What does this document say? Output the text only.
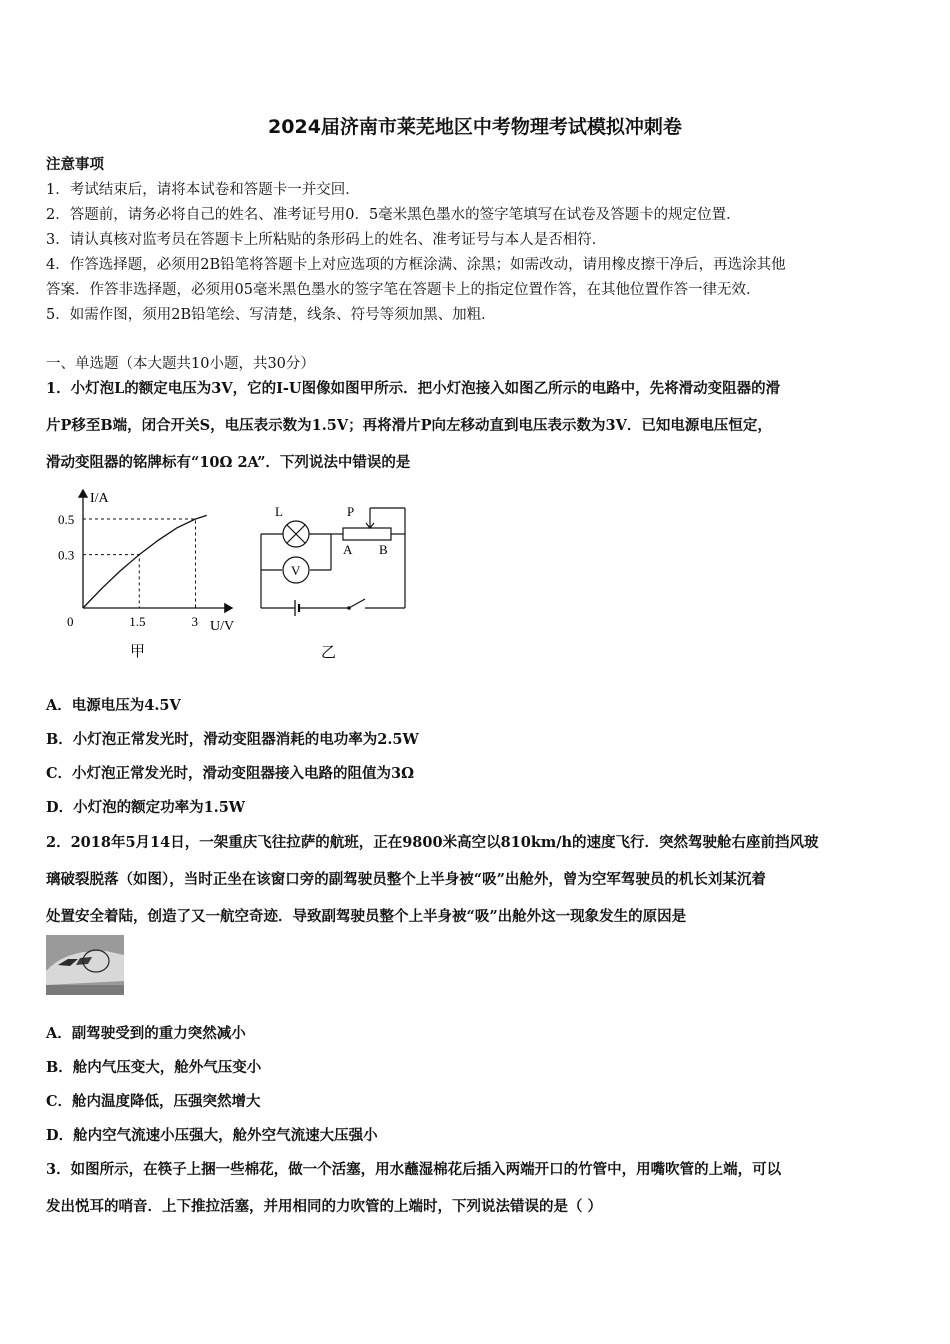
2024届济南市莱芜地区中考物理考试模拟冲刺卷
注意事项
1．考试结束后，请将本试卷和答题卡一并交回．
2．答题前，请务必将自己的姓名、准考证号用0．5毫米黑色墨水的签字笔填写在试卷及答题卡的规定位置．
3．请认真核对监考员在答题卡上所粘贴的条形码上的姓名、准考证号与本人是否相符．
4．作答选择题，必须用2B铅笔将答题卡上对应选项的方框涂满、涂黑；如需改动，请用橡皮擦干净后，再选涂其他
答案．作答非选择题，必须用05毫米黑色墨水的签字笔在答题卡上的指定位置作答，在其他位置作答一律无效．
5．如需作图，须用2B铅笔绘、写清楚，线条、符号等须加黑、加粗．
一、单选题（本大题共10小题，共30分）
1．小灯泡L的额定电压为3V，它的I-U图像如图甲所示．把小灯泡接入如图乙所示的电路中，先将滑动变阻器的滑
片P移至B端，闭合开关S，电压表示数为1.5V；再将滑片P向左移动直到电压表示数为3V．已知电源电压恒定，
滑动变阻器的铭牌标有“10Ω 2A”．下列说法中错误的是
I/A
U/V
0
0.5
0.3
1.5	3
甲
V
L	P
A B
乙
A．电源电压为4.5V
B．小灯泡正常发光时，滑动变阻器消耗的电功率为2.5W
C．小灯泡正常发光时，滑动变阻器接入电路的阻值为3Ω
D．小灯泡的额定功率为1.5W
2．2018年5月14日，一架重庆飞往拉萨的航班，正在9800米高空以810km/h的速度飞行．突然驾驶舱右座前挡风玻
璃破裂脱落（如图），当时正坐在该窗口旁的副驾驶员整个上半身被“吸”出舱外，曾为空军驾驶员的机长刘某沉着
处置安全着陆，创造了又一航空奇迹．导致副驾驶员整个上半身被“吸”出舱外这一现象发生的原因是
A．副驾驶受到的重力突然减小
B．舱内气压变大，舱外气压变小
C．舱内温度降低，压强突然增大
D．舱内空气流速小压强大，舱外空气流速大压强小
3．如图所示，在筷子上捆一些棉花，做一个活塞，用水蘸湿棉花后插入两端开口的竹管中，用嘴吹管的上端，可以
发出悦耳的哨音．上下推拉活塞，并用相同的力吹管的上端时，下列说法错误的是（ ）
